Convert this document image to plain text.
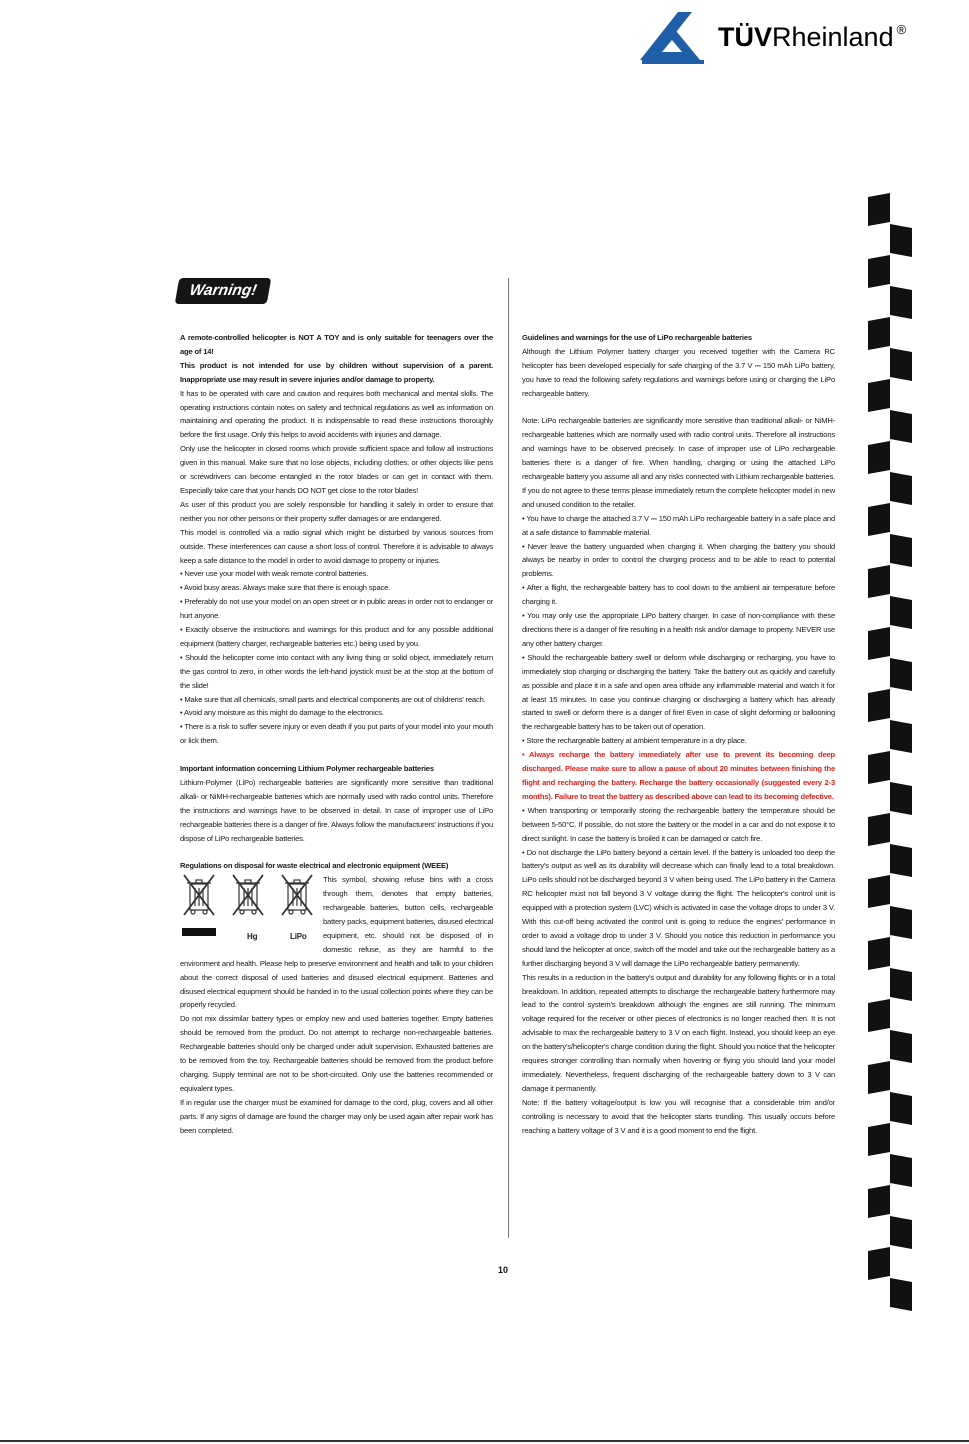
TÜVRheinland ®
Warning!

A remote-controlled helicopter is NOT A TOY and is only suitable for teenagers over the age of 14!

This product is not intended for use by children without supervision of a parent. Inappropriate use may result in severe injuries and/or damage to property.

It has to be operated with care and caution and requires both mechanical and mental skills. The operating instructions contain notes on safety and technical regulations as well as information on maintaining and operating the product. It is indispensable to read these instructions thoroughly before the first usage. Only this helps to avoid accidents with injuries and damage.

Only use the helicopter in closed rooms which provide sufficient space and follow all instructions given in this manual. Make sure that no lose objects, including clothes, or other objects like pens or screwdrivers can become entangled in the rotor blades or can get in contact with them. Especially take care that your hands DO NOT get close to the rotor blades!

As user of this product you are solely responsible for handling it safely in order to ensure that neither you nor other persons or their property suffer damages or are endangered.

This model is controlled via a radio signal which might be disturbed by various sources from outside. These interferences can cause a short loss of control. Therefore it is advisable to always keep a safe distance to the model in order to avoid damage to property or injuries.

• Never use your model with weak remote control batteries.

• Avoid busy areas. Always make sure that there is enough space.

• Preferably do not use your model on an open street or in public areas in order not to endanger or hurt anyone.

• Exactly observe the instructions and warnings for this product and for any possible additional equipment (battery charger, rechargeable batteries etc.) being used by you.

• Should the helicopter come into contact with any living thing or solid object, immediately return the gas control to zero, in other words the left-hand joystick must be at the stop at the bottom of the slide!

• Make sure that all chemicals, small parts and electrical components are out of childrens' reach.

• Avoid any moisture as this might do damage to the electronics.

• There is a risk to suffer severe injury or even death if you put parts of your model into your mouth or lick them.

Important information concerning Lithium Polymer rechargeable batteries

Lithium-Polymer (LiPo) rechargeable batteries are significantly more sensitive than traditional alkali- or NiMH-rechargeable batteries which are normally used with radio control units. Therefore the instructions and warnings have to be observed in detail. In case of improper use of LiPo rechargeable batteries there is a danger of fire. Always follow the manufacturers' instructions if you dispose of LiPo rechargeable batteries.

Regulations on disposal for waste electrical and electronic equipment (WEEE)

Hg	LiPo

This symbol, showing refuse bins with a cross through them, denotes that empty batteries, rechargeable batteries, button cells, rechargeable battery packs, equipment batteries, disused electrical equipment, etc. should not be disposed of in domestic refuse, as they are harmful to the environment and health. Please help to preserve environment and health and talk to your children about the correct disposal of used batteries and disused electrical equipment. Batteries and disused electrical equipment should be handed in to the usual collection points where they can be properly recycled.

Do not mix dissimilar battery types or employ new and used batteries together. Empty batteries should be removed from the product. Do not attempt to recharge non-rechargeable batteries. Rechargeable batteries should only be charged under adult supervision. Exhausted batteries are to be removed from the toy. Rechargeable batteries should be removed from the product before charging. Supply terminal are not to be short-circuited. Only use the batteries recommended or equivalent types.

If in regular use the charger must be examined for damage to the cord, plug, covers and all other parts. If any signs of damage are found the charger may only be used again after repair work has been completed.

Guidelines and warnings for the use of LiPo rechargeable batteries

Although the Lithium Polymer battery charger you received together with the Camera RC helicopter has been developed especially for safe charging of the 3.7 V ⎓ 150 mAh LiPo battery, you have to read the following safety regulations and warnings before using or charging the LiPo rechargeable battery.

Note: LiPo rechargeable batteries are significantly more sensitive than traditional alkali- or NiMH-rechargeable batteries which are normally used with radio control units. Therefore all instructions and warnings have to be observed precisely. In case of improper use of LiPo rechargeable batteries there is a danger of fire. When handling, charging or using the attached LiPo rechargeable battery you assume all and any risks connected with Lithium rechargeable batteries. If you do not agree to these terms please immediately return the complete helicopter model in new and unused condition to the retailer.

• You have to charge the attached 3.7 V ⎓ 150 mAh LiPo rechargeable battery in a safe place and at a safe distance to flammable material.

• Never leave the battery unguarded when charging it. When charging the battery you should always be nearby in order to control the charging process and to be able to react to potential problems.

• After a flight, the rechargeable battery has to cool down to the ambient air temperature before charging it.

• You may only use the appropriate LiPo battery charger. In case of non-compliance with these directions there is a danger of fire resulting in a health risk and/or damage to property. NEVER use any other battery charger.

• Should the rechargeable battery swell or deform while discharging or recharging, you have to immediately stop charging or discharging the battery. Take the battery out as quickly and carefully as possible and place it in a safe and open area offside any inflammable material and watch it for at least 15 minutes. In case you continue charging or discharging a battery which has already started to swell or deform there is a danger of fire! Even in case of slight deforming or ballooning the rechargeable battery has to be taken out of operation.

• Store the rechargeable battery at ambient temperature in a dry place.

• Always recharge the battery immediately after use to prevent its becoming deep discharged. Please make sure to allow a pause of about 20 minutes between finishing the flight and recharging the battery. Recharge the battery occasionally (suggested every 2-3 months). Failure to treat the battery as described above can lead to its becoming defective.

• When transporting or temporarily storing the rechargeable battery the temperature should be between 5-50°C. If possible, do not store the battery or the model in a car and do not expose it to direct sunlight. In case the battery is broiled it can be damaged or catch fire.

• Do not discharge the LiPo battery beyond a certain level. If the battery is unloaded too deep the battery's output as well as its durability will decrease which can finally lead to a total breakdown. LiPo cells should not be discharged beyond 3 V when being used. The LiPo battery in the Camera RC helicopter must not fall beyond 3 V voltage during the flight. The helicopter's control unit is equipped with a protection system (LVC) which is activated in case the voltage drops to under 3 V. With this cut-off being activated the control unit is going to reduce the engines' performance in order to avoid a voltage drop to under 3 V. Should you notice this reduction in performance you should land the helicopter at once, switch off the model and take out the rechargeable battery as a further discharging beyond 3 V will damage the LiPo rechargeable battery permanently.

This results in a reduction in the battery's output and durability for any following flights or in a total breakdown. In addition, repeated attempts to discharge the rechargeable battery furthermore may lead to the control system's breakdown although the engines are still running. The minimum voltage required for the receiver or other pieces of electronics is no longer reached then. It is not advisable to max the rechargeable battery to 3 V on each flight. Instead, you should keep an eye on the battery's/helicopter's charge condition during the flight. Should you notice that the helicopter requires stronger controlling than normally when hovering or flying you should land your model immediately. Nevertheless, frequent discharging of the rechargeable battery down to 3 V can damage it permanently.

Note: If the battery voltage/output is low you will recognise that a considerable trim and/or controlling is necessary to avoid that the helicopter starts trundling. This usually occurs before reaching a battery voltage of 3 V and it is a good moment to end the flight.

10
